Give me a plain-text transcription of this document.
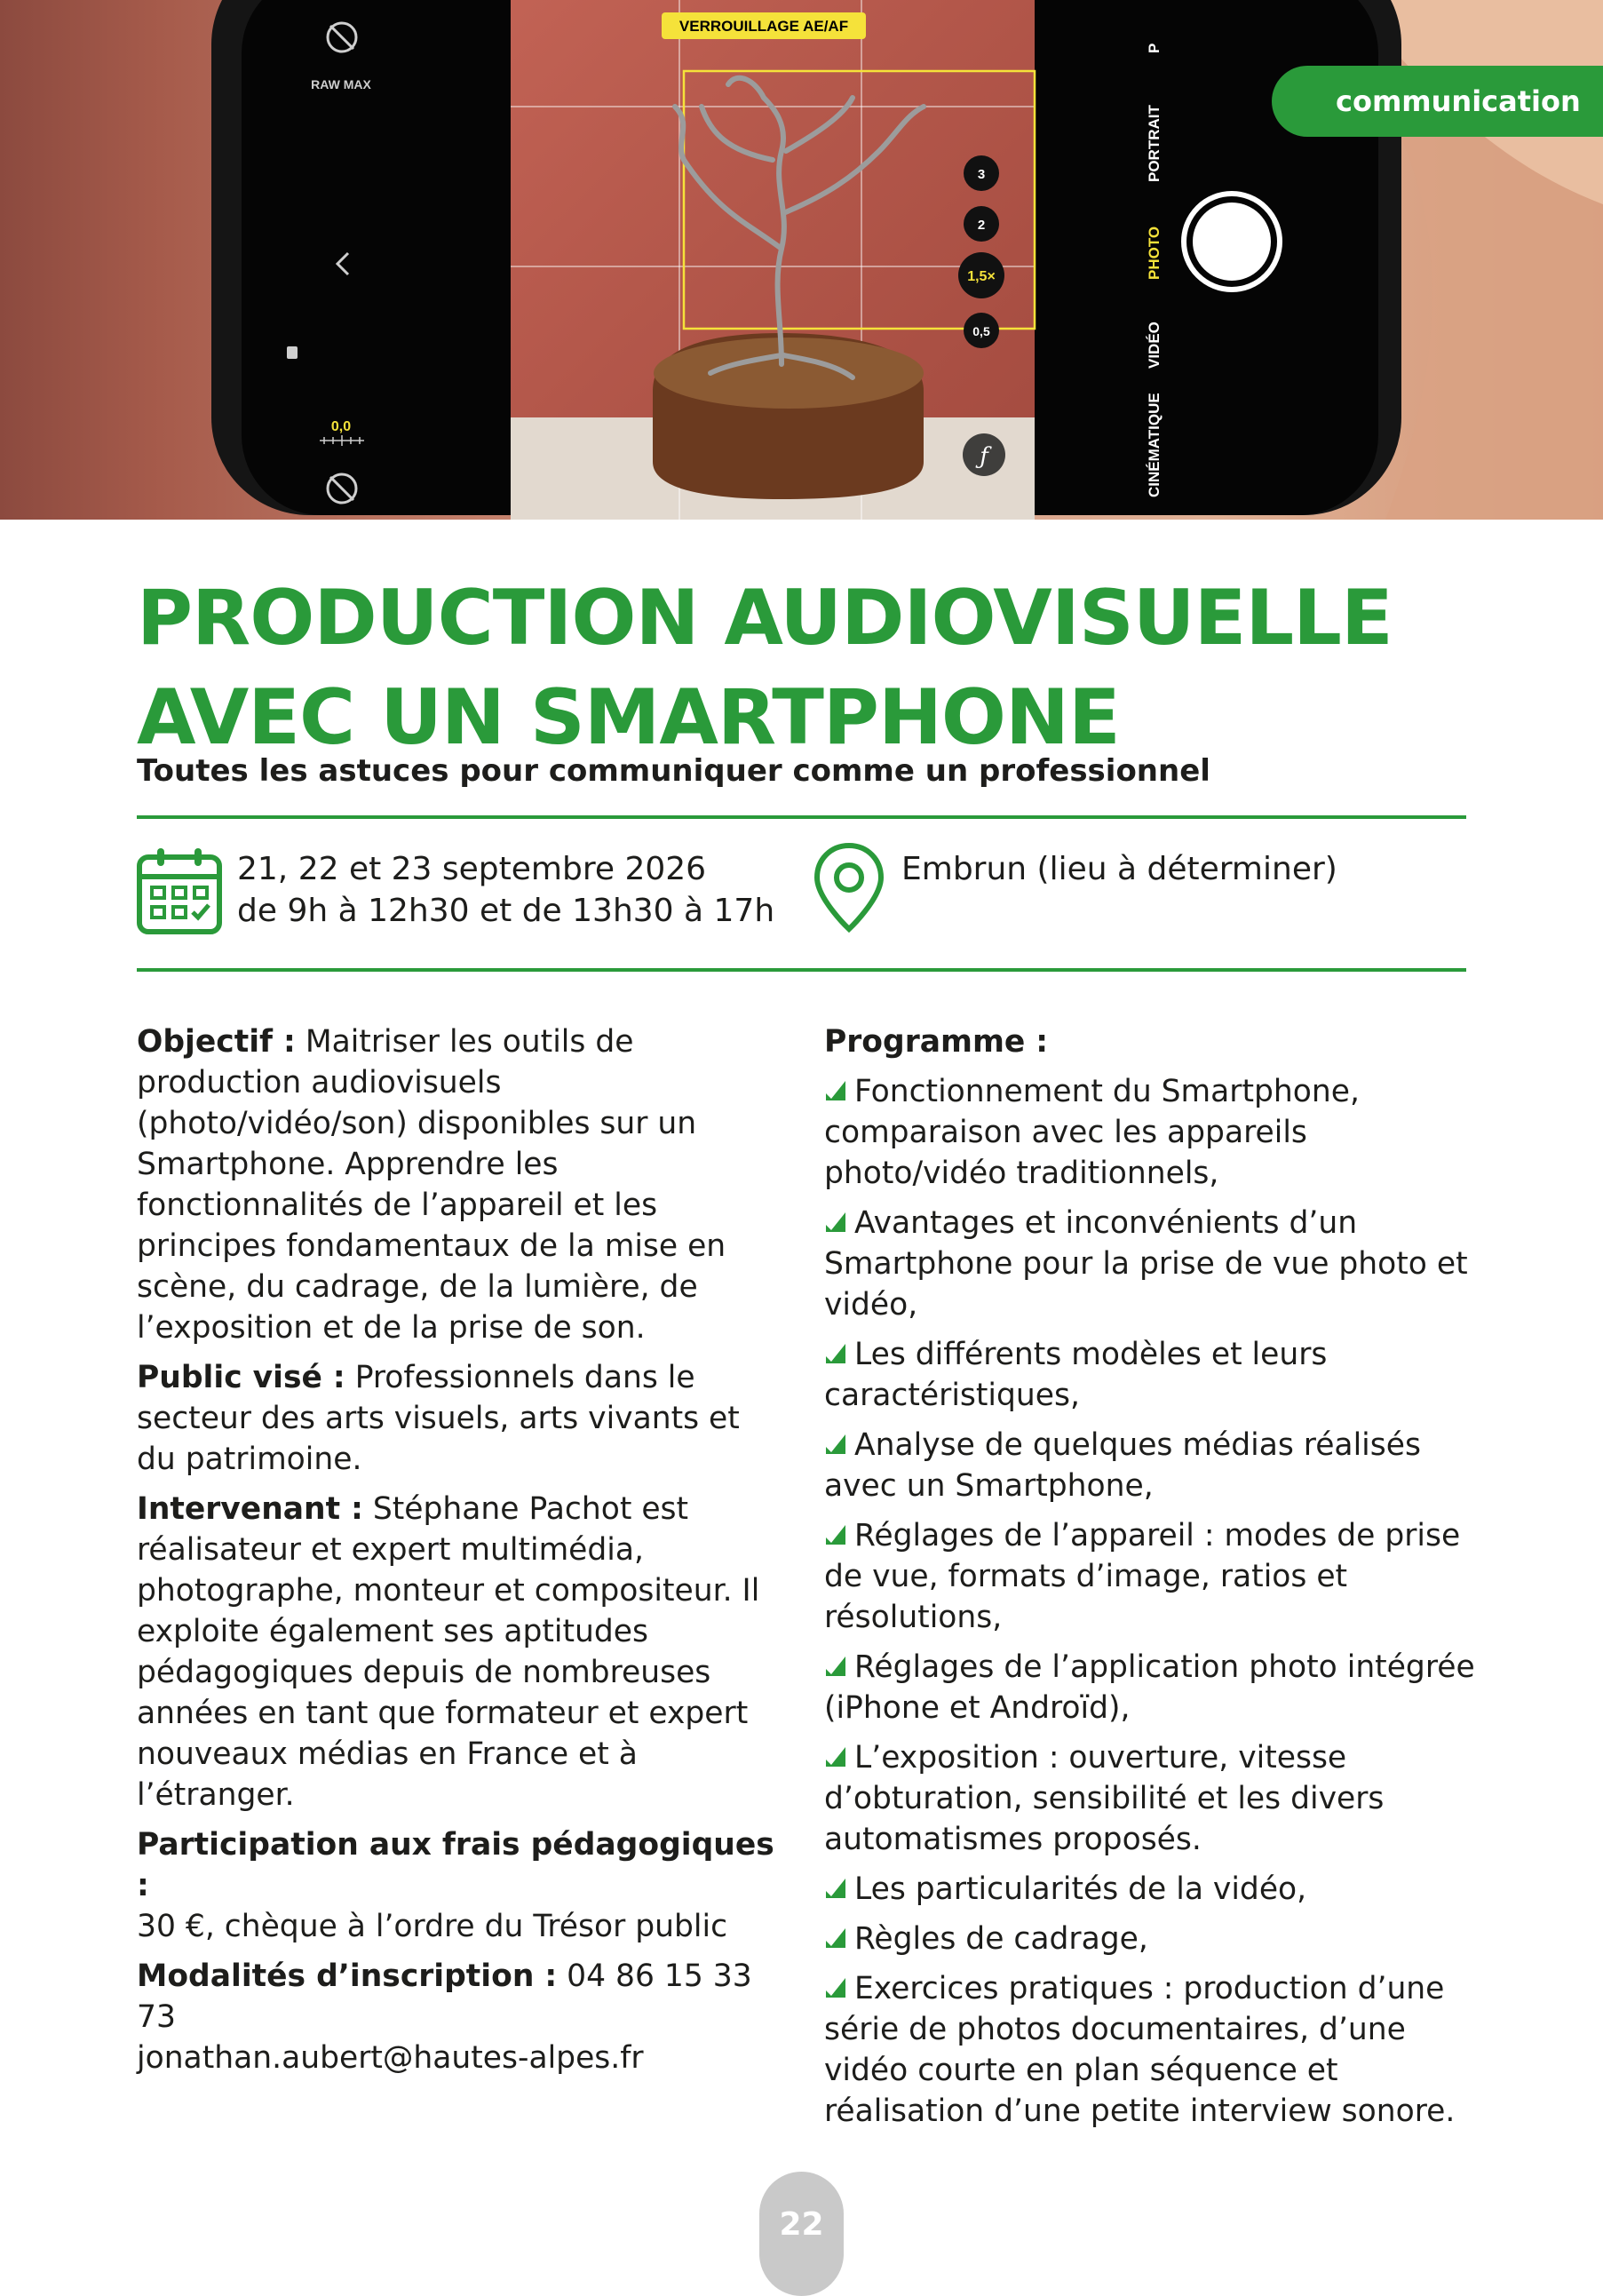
VERROUILLAGE AE/AF
RAW MAX
0,0
3
2
1,5×
0,5
ƒ	CINÉMATIQUE
VIDÉO
PHOTO
PORTRAIT
P
communication
PRODUCTION AUDIOVISUELLE
AVEC UN SMARTPHONE

Toutes les astuces pour communiquer comme un professionnel

21, 22 et 23 septembre 2026
de 9h à 12h30 et de 13h30 à 17h
Embrun (lieu à déterminer)

Objectif : Maitriser les outils de production audiovisuels (photo/vidéo/son) disponibles sur un Smartphone. Apprendre les fonctionnalités de l’appareil et les principes fondamentaux de la mise en scène, du cadrage, de la lumière, de l’exposition et de la prise de son.

Public visé : Professionnels dans le secteur des arts visuels, arts vivants et du patrimoine.

Intervenant : Stéphane Pachot est réalisateur et expert multimédia, photographe, monteur et compositeur. Il exploite également ses aptitudes pédagogiques depuis de nombreuses années en tant que formateur et expert nouveaux médias en France et à l’étranger.

Participation aux frais pédagogiques :
30 €, chèque à l’ordre du Trésor public

Modalités d’inscription : 04 86 15 33 73
jonathan.aubert@hautes-alpes.fr

Programme :

Fonctionnement du Smartphone, comparaison avec les appareils photo/vidéo traditionnels,
Avantages et inconvénients d’un Smartphone pour la prise de vue photo et vidéo,
Les différents modèles et leurs caractéristiques,
Analyse de quelques médias réalisés avec un Smartphone,
Réglages de l’appareil : modes de prise de vue, formats d’image, ratios et résolutions,
Réglages de l’application photo intégrée (iPhone et Androïd),
L’exposition : ouverture, vitesse d’obturation, sensibilité et les divers automatismes proposés.
Les particularités de la vidéo,
Règles de cadrage,
Exercices pratiques : production d’une série de photos documentaires, d’une vidéo courte en plan séquence et réalisation d’une petite interview sonore.
22
